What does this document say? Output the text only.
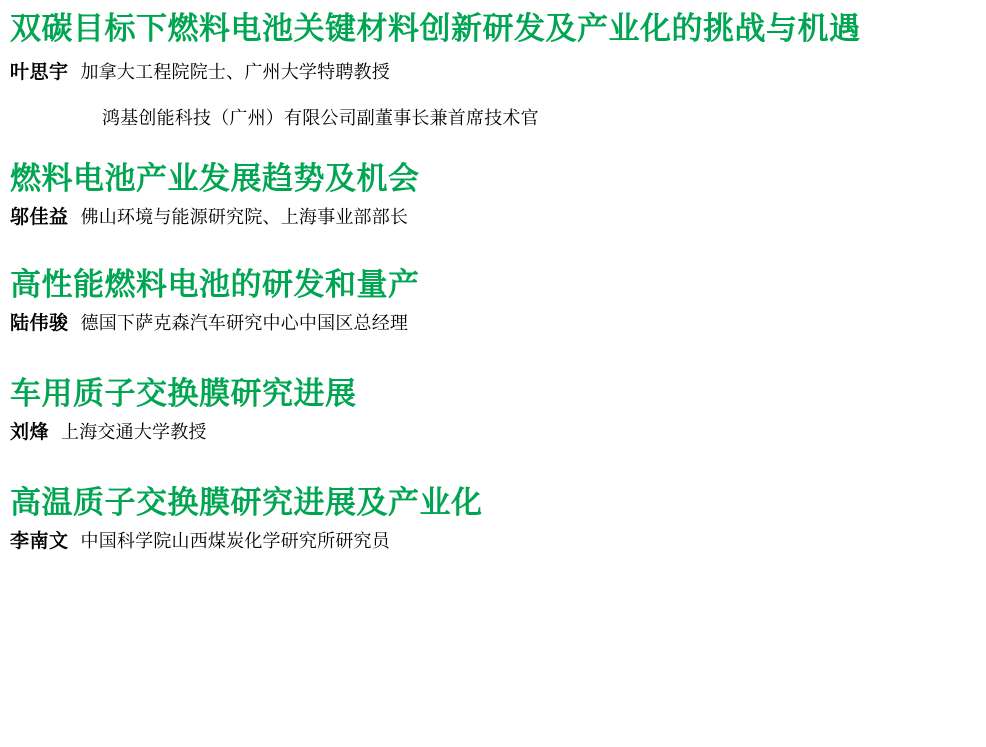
双碳目标下燃料电池关键材料创新研发及产业化的挑战与机遇
叶思宇 加拿大工程院院士、广州大学特聘教授
鸿基创能科技（广州）有限公司副董事长兼首席技术官
燃料电池产业发展趋势及机会
邬佳益 佛山环境与能源研究院、上海事业部部长
高性能燃料电池的研发和量产
陆伟骏 德国下萨克森汽车研究中心中国区总经理
车用质子交换膜研究进展
刘烽 上海交通大学教授
高温质子交换膜研究进展及产业化
李南文 中国科学院山西煤炭化学研究所研究员
